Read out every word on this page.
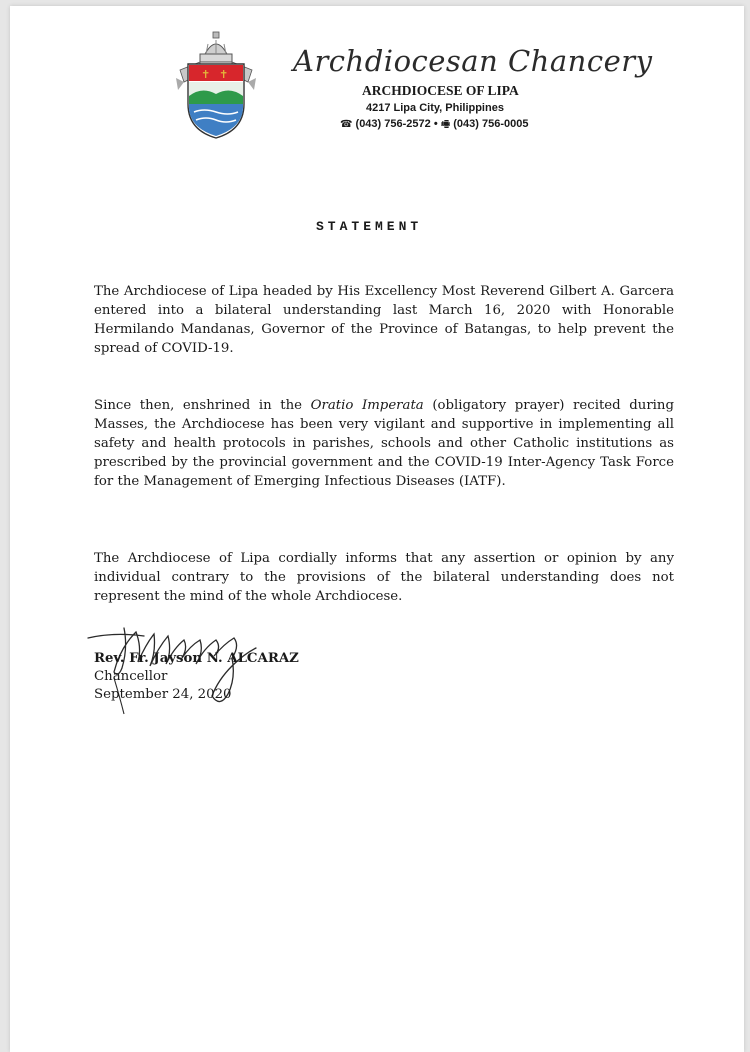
✝ ✝ Archdiocesan Chancery
ARCHDIOCESE OF LIPA
4217 Lipa City, Philippines
☎ (043) 756-2572 • 🖷 (043) 756-0005
STATEMENT

The Archdiocese of Lipa headed by His Excellency Most Reverend Gilbert A. Garcera entered into a bilateral understanding last March 16, 2020 with Honorable Hermilando Mandanas, Governor of the Province of Batangas, to help prevent the spread of COVID-19.

Since then, enshrined in the Oratio Imperata (obligatory prayer) recited during Masses, the Archdiocese has been very vigilant and supportive in implementing all safety and health protocols in parishes, schools and other Catholic institutions as prescribed by the provincial government and the COVID-19 Inter-Agency Task Force for the Management of Emerging Infectious Diseases (IATF).

The Archdiocese of Lipa cordially informs that any assertion or opinion by any individual contrary to the provisions of the bilateral understanding does not represent the mind of the whole Archdiocese.

Rev. Fr. Jayson N. ALCARAZ
Chancellor
September 24, 2020
